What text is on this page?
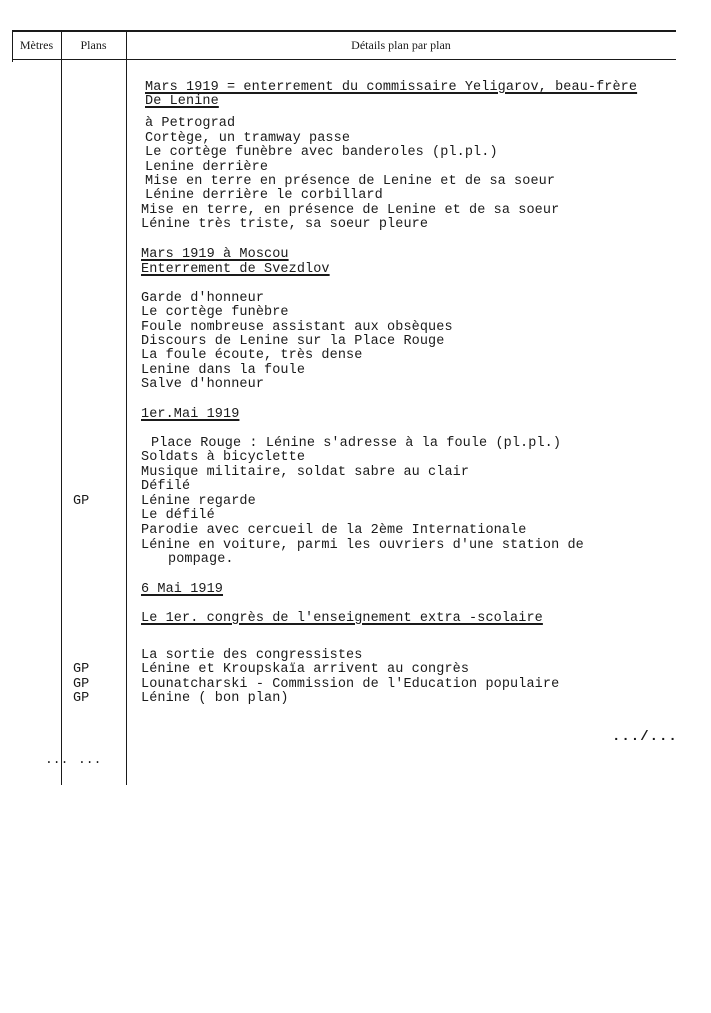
Mètres	Plans	Détails plan par plan
Mars 1919 = enterrement du commissaire Yeligarov, beau-frère
De Lenine
à Petrograd
Cortège, un tramway passe
Le cortège funèbre avec banderoles (pl.pl.)
Lenine derrière
Mise en terre en présence de Lenine et de sa soeur
Lénine derrière le corbillard
Mise en terre, en présence de Lenine et de sa soeur
Lénine très triste, sa soeur pleure
Mars 1919 à Moscou
Enterrement de Svezdlov
Garde d'honneur
Le cortège funèbre
Foule nombreuse assistant aux obsèques
Discours de Lenine sur la Place Rouge
La foule écoute, très dense
Lenine dans la foule
Salve d'honneur
1er.Mai 1919
Place Rouge : Lénine s'adresse à la foule (pl.pl.)
Soldats à bicyclette
Musique militaire, soldat sabre au clair
Défilé
Lénine regarde
Le défilé
Parodie avec cercueil de la 2ème Internationale
Lénine en voiture, parmi les ouvriers d'une station de
pompage.
6 Mai 1919
Le 1er. congrès de l'enseignement extra -scolaire
La sortie des congressistes
Lénine et Kroupskaïa arrivent au congrès
Lounatcharski - Commission de l'Education populaire
Lénine ( bon plan)
GP
GP
GP
GP
.../...
... ...
